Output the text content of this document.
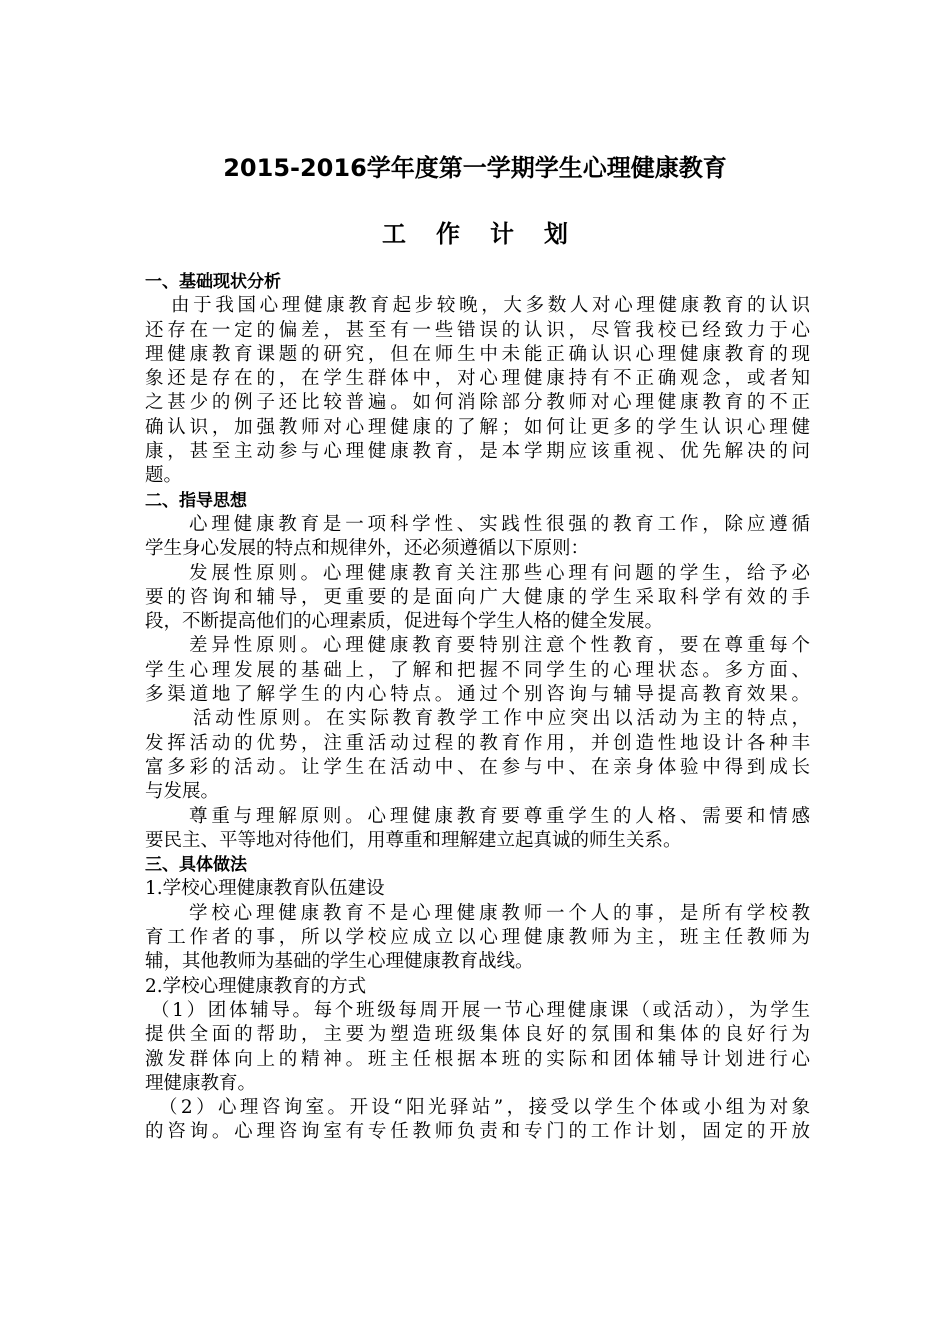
2015-2016学年度第一学期学生心理健康教育
工作计划
一、基础现状分析
由于我国心理健康教育起步较晚，大多数人对心理健康教育的认识
还存在一定的偏差，甚至有一些错误的认识，尽管我校已经致力于心
理健康教育课题的研究，但在师生中未能正确认识心理健康教育的现
象还是存在的，在学生群体中，对心理健康持有不正确观念，或者知
之甚少的例子还比较普遍。如何消除部分教师对心理健康教育的不正
确认识，加强教师对心理健康的了解；如何让更多的学生认识心理健
康，甚至主动参与心理健康教育，是本学期应该重视、优先解决的问
题。
二、指导思想
心理健康教育是一项科学性、实践性很强的教育工作，除应遵循
学生身心发展的特点和规律外，还必须遵循以下原则：
发展性原则。心理健康教育关注那些心理有问题的学生，给予必
要的咨询和辅导，更重要的是面向广大健康的学生采取科学有效的手
段，不断提高他们的心理素质，促进每个学生人格的健全发展。
差异性原则。心理健康教育要特别注意个性教育，要在尊重每个
学生心理发展的基础上，了解和把握不同学生的心理状态。多方面、
多渠道地了解学生的内心特点。通过个别咨询与辅导提高教育效果。
活动性原则。在实际教育教学工作中应突出以活动为主的特点，
发挥活动的优势，注重活动过程的教育作用，并创造性地设计各种丰
富多彩的活动。让学生在活动中、在参与中、在亲身体验中得到成长
与发展。
尊重与理解原则。心理健康教育要尊重学生的人格、需要和情感
要民主、平等地对待他们，用尊重和理解建立起真诚的师生关系。
三、具体做法
1.学校心理健康教育队伍建设
学校心理健康教育不是心理健康教师一个人的事，是所有学校教
育工作者的事，所以学校应成立以心理健康教师为主，班主任教师为
辅，其他教师为基础的学生心理健康教育战线。
2.学校心理健康教育的方式
（1）团体辅导。每个班级每周开展一节心理健康课（或活动），为学生
提供全面的帮助，主要为塑造班级集体良好的氛围和集体的良好行为
激发群体向上的精神。班主任根据本班的实际和团体辅导计划进行心
理健康教育。
（2）心理咨询室。开设“阳光驿站”，接受以学生个体或小组为对象
的咨询。心理咨询室有专任教师负责和专门的工作计划，固定的开放
